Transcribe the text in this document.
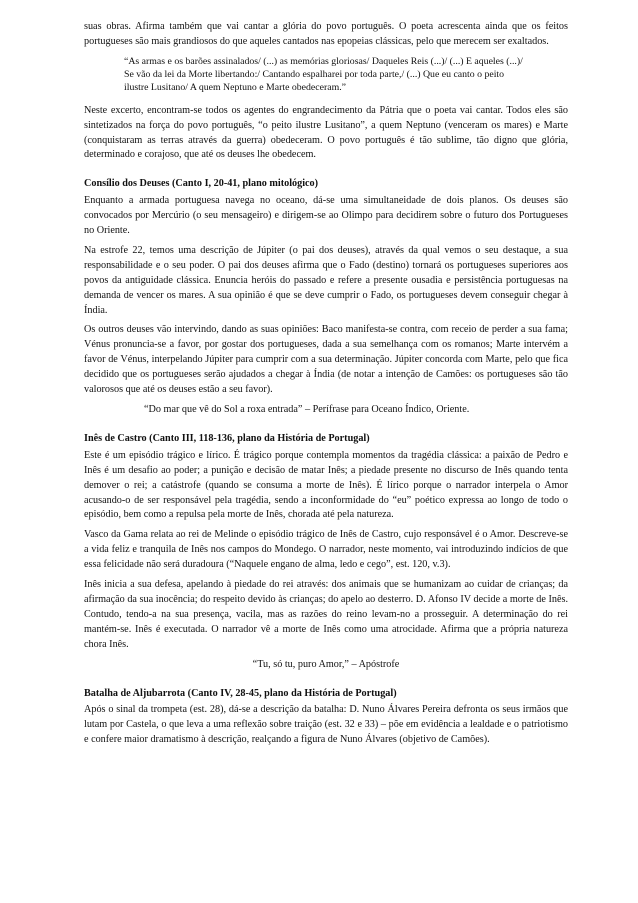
suas obras. Afirma também que vai cantar a glória do povo português. O poeta acrescenta ainda que os feitos portugueses são mais grandiosos do que aqueles cantados nas epopeias clássicas, pelo que merecem ser exaltados.

“As armas e os barões assinalados/ (...) as memórias gloriosas/ Daqueles Reis (...)/ (...) E aqueles (...)/
Se vão da lei da Morte libertando:/ Cantando espalharei por toda parte,/ (...) Que eu canto o peito
ilustre Lusitano/ A quem Neptuno e Marte obedeceram.”

Neste excerto, encontram-se todos os agentes do engrandecimento da Pátria que o poeta vai cantar. Todos eles são sintetizados na força do povo português, “o peito ilustre Lusitano”, a quem Neptuno (venceram os mares) e Marte (conquistaram as terras através da guerra) obedeceram. O povo português é tão sublime, tão digno que glória, determinado e corajoso, que até os deuses lhe obedecem.

Consílio dos Deuses (Canto I, 20-41, plano mitológico)

Enquanto a armada portuguesa navega no oceano, dá-se uma simultaneidade de dois planos. Os deuses são convocados por Mercúrio (o seu mensageiro) e dirigem-se ao Olimpo para decidirem sobre o futuro dos Portugueses no Oriente.

Na estrofe 22, temos uma descrição de Júpiter (o pai dos deuses), através da qual vemos o seu destaque, a sua responsabilidade e o seu poder. O pai dos deuses afirma que o Fado (destino) tornará os portugueses superiores aos povos da antiguidade clássica. Enuncia heróis do passado e refere a presente ousadia e persistência portuguesas na demanda de vencer os mares. A sua opinião é que se deve cumprir o Fado, os portugueses devem conseguir chegar à Índia.

Os outros deuses vão intervindo, dando as suas opiniões: Baco manifesta-se contra, com receio de perder a sua fama; Vénus pronuncia-se a favor, por gostar dos portugueses, dada a sua semelhança com os romanos; Marte intervém a favor de Vénus, interpelando Júpiter para cumprir com a sua determinação. Júpiter concorda com Marte, pelo que fica decidido que os portugueses serão ajudados a chegar à Índia (de notar a intenção de Camões: os portugueses são tão valorosos que até os deuses estão a seu favor).

“Do mar que vê do Sol a roxa entrada” – Perífrase para Oceano Índico, Oriente.

Inês de Castro (Canto III, 118-136, plano da História de Portugal)

Este é um episódio trágico e lírico. É trágico porque contempla momentos da tragédia clássica: a paixão de Pedro e Inês é um desafio ao poder; a punição e decisão de matar Inês; a piedade presente no discurso de Inês quando tenta demover o rei; a catástrofe (quando se consuma a morte de Inês). É lírico porque o narrador interpela o Amor acusando-o de ser responsável pela tragédia, sendo a inconformidade do “eu” poético expressa ao longo de todo o episódio, bem como a repulsa pela morte de Inês, chorada até pela natureza.

Vasco da Gama relata ao rei de Melinde o episódio trágico de Inês de Castro, cujo responsável é o Amor. Descreve-se a vida feliz e tranquila de Inês nos campos do Mondego. O narrador, neste momento, vai introduzindo indícios de que essa felicidade não será duradoura (“Naquele engano de alma, ledo e cego”, est. 120, v.3).

Inês inicia a sua defesa, apelando à piedade do rei através: dos animais que se humanizam ao cuidar de crianças; da afirmação da sua inocência; do respeito devido às crianças; do apelo ao desterro. D. Afonso IV decide a morte de Inês. Contudo, tendo-a na sua presença, vacila, mas as razões do reino levam-no a prosseguir. A determinação do rei mantém-se. Inês é executada. O narrador vê a morte de Inês como uma atrocidade. Afirma que a própria natureza chora Inês.

“Tu, só tu, puro Amor,” – Apóstrofe

Batalha de Aljubarrota (Canto IV, 28-45, plano da História de Portugal)

Após o sinal da trompeta (est. 28), dá-se a descrição da batalha: D. Nuno Álvares Pereira defronta os seus irmãos que lutam por Castela, o que leva a uma reflexão sobre traição (est. 32 e 33) – põe em evidência a lealdade e o patriotismo e confere maior dramatismo à descrição, realçando a figura de Nuno Álvares (objetivo de Camões).
